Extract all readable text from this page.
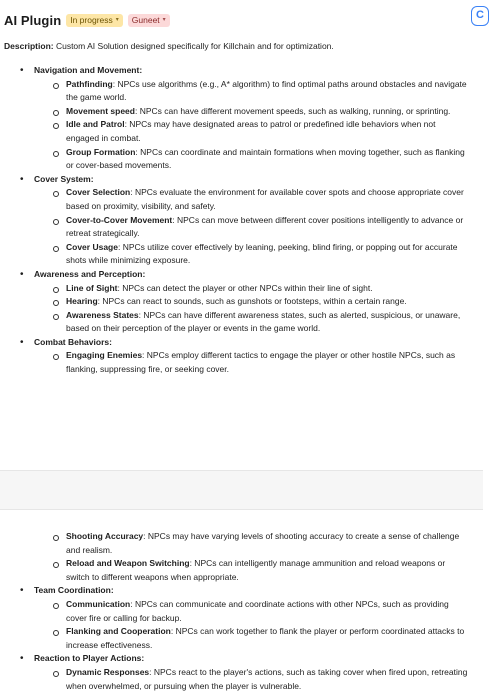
AI Plugin In progress ▾ Guneet ▾	C
Description: Custom AI Solution designed specifically for Killchain and for optimization.
• Navigation and Movement:
Pathfinding: NPCs use algorithms (e.g., A* algorithm) to find optimal paths around obstacles and navigate the game world.
Movement speed: NPCs can have different movement speeds, such as walking, running, or sprinting.
Idle and Patrol: NPCs may have designated areas to patrol or predefined idle behaviors when not engaged in combat.
Group Formation: NPCs can coordinate and maintain formations when moving together, such as flanking or cover-based movements.
• Cover System:
Cover Selection: NPCs evaluate the environment for available cover spots and choose appropriate cover based on proximity, visibility, and safety.
Cover-to-Cover Movement: NPCs can move between different cover positions intelligently to advance or retreat strategically.
Cover Usage: NPCs utilize cover effectively by leaning, peeking, blind firing, or popping out for accurate shots while minimizing exposure.
• Awareness and Perception:
Line of Sight: NPCs can detect the player or other NPCs within their line of sight.
Hearing: NPCs can react to sounds, such as gunshots or footsteps, within a certain range.
Awareness States: NPCs can have different awareness states, such as alerted, suspicious, or unaware, based on their perception of the player or events in the game world.
• Combat Behaviors:
Engaging Enemies: NPCs employ different tactics to engage the player or other hostile NPCs, such as flanking, suppressing fire, or seeking cover.
Shooting Accuracy: NPCs may have varying levels of shooting accuracy to create a sense of challenge and realism.
Reload and Weapon Switching: NPCs can intelligently manage ammunition and reload weapons or switch to different weapons when appropriate.
• Team Coordination:
Communication: NPCs can communicate and coordinate actions with other NPCs, such as providing cover fire or calling for backup.
Flanking and Cooperation: NPCs can work together to flank the player or perform coordinated attacks to increase effectiveness.
• Reaction to Player Actions:
Dynamic Responses: NPCs react to the player's actions, such as taking cover when fired upon, retreating when overwhelmed, or pursuing when the player is vulnerable.
